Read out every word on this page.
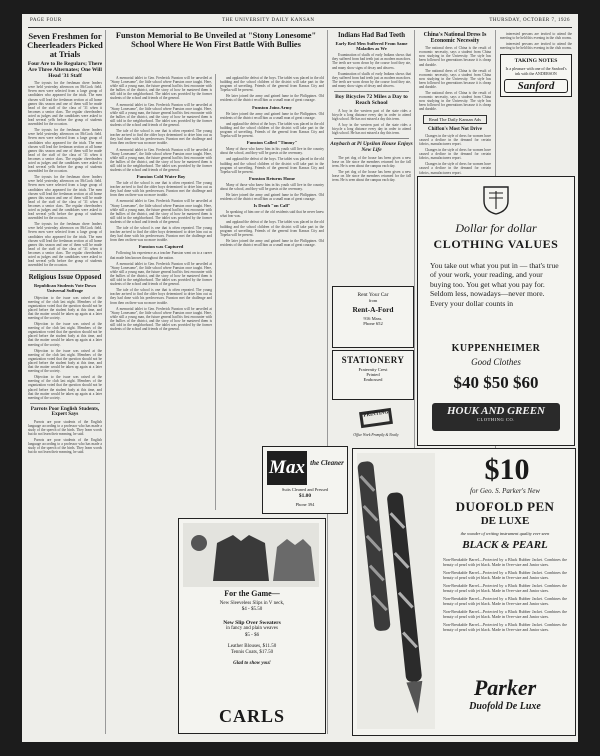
PAGE FOUR	THE UNIVERSITY DAILY KANSAN	THURSDAY, OCTOBER 7, 1926
Seven Freshmen for Cheerleaders Picked at Trials
Four Are to Be Regulars; There Are Three Alternates; One Will Head '31 Staff

The tryouts for the freshman cheer leaders were held yesterday afternoon on McCook field. Seven men were selected from a large group of candidates who appeared for the trials. The men chosen will lead the freshman section at all home games this season and one of them will be made head of the staff of the class of '31 when it becomes a senior class. The regular cheerleaders acted as judges and the candidates were asked to lead several yells before the group of students assembled for the occasion.

The tryouts for the freshman cheer leaders were held yesterday afternoon on McCook field. Seven men were selected from a large group of candidates who appeared for the trials. The men chosen will lead the freshman section at all home games this season and one of them will be made head of the staff of the class of '31 when it becomes a senior class. The regular cheerleaders acted as judges and the candidates were asked to lead several yells before the group of students assembled for the occasion.

The tryouts for the freshman cheer leaders were held yesterday afternoon on McCook field. Seven men were selected from a large group of candidates who appeared for the trials. The men chosen will lead the freshman section at all home games this season and one of them will be made head of the staff of the class of '31 when it becomes a senior class. The regular cheerleaders acted as judges and the candidates were asked to lead several yells before the group of students assembled for the occasion.

The tryouts for the freshman cheer leaders were held yesterday afternoon on McCook field. Seven men were selected from a large group of candidates who appeared for the trials. The men chosen will lead the freshman section at all home games this season and one of them will be made head of the staff of the class of '31 when it becomes a senior class. The regular cheerleaders acted as judges and the candidates were asked to lead several yells before the group of students assembled for the occasion.

Religious Issue Opposed
Republican Students Vote Down Universal Suffrage

Objection to the issue was raised at the meeting of the club last night. Members of the organization voted that the question should not be placed before the student body at this time, and that the matter would be taken up again at a later meeting of the society.

Objection to the issue was raised at the meeting of the club last night. Members of the organization voted that the question should not be placed before the student body at this time, and that the matter would be taken up again at a later meeting of the society.

Objection to the issue was raised at the meeting of the club last night. Members of the organization voted that the question should not be placed before the student body at this time, and that the matter would be taken up again at a later meeting of the society.

Objection to the issue was raised at the meeting of the club last night. Members of the organization voted that the question should not be placed before the student body at this time, and that the matter would be taken up again at a later meeting of the society.

Parrots Poor English Students, Expert Says

Parrots are poor students of the English language according to a professor who has made a study of the speech of the birds. They learn words but do not learn their meaning, he said.

Parrots are poor students of the English language according to a professor who has made a study of the speech of the birds. They learn words but do not learn their meaning, he said.

Funston Memorial to Be Unveiled at "Stony Lonesome" School Where He Won First Battle With Bullies

A memorial tablet to Gen. Frederick Funston will be unveiled at "Stony Lonesome", the little school where Funston once taught. Here, while still a young man, the future general had his first encounter with the bullies of the district, and the story of how he mastered them is still told in the neighborhood. The tablet was provided by the former students of the school and friends of the general.

A memorial tablet to Gen. Frederick Funston will be unveiled at "Stony Lonesome", the little school where Funston once taught. Here, while still a young man, the future general had his first encounter with the bullies of the district, and the story of how he mastered them is still told in the neighborhood. The tablet was provided by the former students of the school and friends of the general.

The tale of the school is one that is often repeated. The young teacher arrived to find the older boys determined to drive him out as they had done with his predecessors. Funston met the challenge and from then on there was no more trouble.

A memorial tablet to Gen. Frederick Funston will be unveiled at "Stony Lonesome", the little school where Funston once taught. Here, while still a young man, the future general had his first encounter with the bullies of the district, and the story of how he mastered them is still told in the neighborhood. The tablet was provided by the former students of the school and friends of the general.

Funston Cold Water Boy

The tale of the school is one that is often repeated. The young teacher arrived to find the older boys determined to drive him out as they had done with his predecessors. Funston met the challenge and from then on there was no more trouble.

A memorial tablet to Gen. Frederick Funston will be unveiled at "Stony Lonesome", the little school where Funston once taught. Here, while still a young man, the future general had his first encounter with the bullies of the district, and the story of how he mastered them is still told in the neighborhood. The tablet was provided by the former students of the school and friends of the general.

The tale of the school is one that is often repeated. The young teacher arrived to find the older boys determined to drive him out as they had done with his predecessors. Funston met the challenge and from then on there was no more trouble.

Funston was Captured

Following his experience as a teacher Funston went on to a career that made him known throughout the nation.

A memorial tablet to Gen. Frederick Funston will be unveiled at "Stony Lonesome", the little school where Funston once taught. Here, while still a young man, the future general had his first encounter with the bullies of the district, and the story of how he mastered them is still told in the neighborhood. The tablet was provided by the former students of the school and friends of the general.

The tale of the school is one that is often repeated. The young teacher arrived to find the older boys determined to drive him out as they had done with his predecessors. Funston met the challenge and from then on there was no more trouble.

A memorial tablet to Gen. Frederick Funston will be unveiled at "Stony Lonesome", the little school where Funston once taught. Here, while still a young man, the future general had his first encounter with the bullies of the district, and the story of how he mastered them is still told in the neighborhood. The tablet was provided by the former students of the school and friends of the general.

and applaud the defeat of the boys. The tablet was placed in the old building and the school children of the district will take part in the program of unveiling. Friends of the general from Kansas City and Topeka will be present.

He later joined the army and gained fame in the Philippines. Old residents of the district recall him as a small man of great courage.

Funston Joins Army

He later joined the army and gained fame in the Philippines. Old residents of the district recall him as a small man of great courage.

and applaud the defeat of the boys. The tablet was placed in the old building and the school children of the district will take part in the program of unveiling. Friends of the general from Kansas City and Topeka will be present.

Funston Called "Timmy"

Many of those who knew him in his youth still live in the country about the school, and they will be guests at the ceremony.

and applaud the defeat of the boys. The tablet was placed in the old building and the school children of the district will take part in the program of unveiling. Friends of the general from Kansas City and Topeka will be present.

Funston Returns Home

Many of those who knew him in his youth still live in the country about the school, and they will be guests at the ceremony.

He later joined the army and gained fame in the Philippines. Old residents of the district recall him as a small man of great courage.

Is Death "on Call"

In speaking of him one of the old residents said that he never knew what fear was.

and applaud the defeat of the boys. The tablet was placed in the old building and the school children of the district will take part in the program of unveiling. Friends of the general from Kansas City and Topeka will be present.

He later joined the army and gained fame in the Philippines. Old residents of the district recall him as a small man of great courage.

For the Game—
New Sleeveless Slips in V neck,
$4 - $5.50
New Slip Over Sweaters
in fancy and plain weaves
$5 - $6
Leather Blouses, $11.50
Tennis Coats, $17.50
Glad to show you!
CARLS
Indians Had Bad Teeth
Early Red Men Suffered From Same Maladies as We

Examination of skulls of early Indians shows that they suffered from bad teeth just as modern man does. The teeth are worn down by the coarse food they ate, and many show signs of decay and abscess.

Examination of skulls of early Indians shows that they suffered from bad teeth just as modern man does. The teeth are worn down by the coarse food they ate, and many show signs of decay and abscess.

Boy Bicycles 72 Miles a Day to Reach School

A boy in the western part of the state rides a bicycle a long distance every day in order to attend high school. He has not missed a day this term.

A boy in the western part of the state rides a bicycle a long distance every day in order to attend high school. He has not missed a day this term.

Anybach at Pi Upsilon House Enjoys New Life

The pet dog of the house has been given a new lease on life since the members returned for the fall term. He is seen about the campus each day.

The pet dog of the house has been given a new lease on life since the members returned for the fall term. He is seen about the campus each day.

China's National Dress Is Economic Necessity

The national dress of China is the result of economic necessity, says a student from China now studying in the University. The style has been followed for generations because it is cheap and durable.

The national dress of China is the result of economic necessity, says a student from China now studying in the University. The style has been followed for generations because it is cheap and durable.

The national dress of China is the result of economic necessity, says a student from China now studying in the University. The style has been followed for generations because it is cheap and durable.

Read The Daily Kansan Ads
Chiffon's Most Not Drive

Changes in the style of dress for women have caused a decline in the demand for certain fabrics, manufacturers report.

Changes in the style of dress for women have caused a decline in the demand for certain fabrics, manufacturers report.

Changes in the style of dress for women have caused a decline in the demand for certain fabrics, manufacturers report.

interested persons are invited to attend the meeting to be held this evening in the club rooms.

interested persons are invited to attend the meeting to be held this evening in the club rooms.

TAKING NOTES
Is a pleasure with one of the Sanford's ink with the ANDERSON
Sanford
Rent Your Car
from
Rent-A-Ford
916 Mass.
Phone 652
STATIONERY
Fraternity Crest
Printed
Embossed
PRINTING
Office Work Promptly & Neatly
Max the Cleaner
Suits Cleaned and Pressed
$1.00
Phone 394
Dollar for dollar
CLOTHING VALUES
You take out what you put in — that's true of your work, your reading, and your buying too. You get what you pay for. Seldom less, nowadays—never more. Every your dollar counts in
KUPPENHEIMER
Good Clothes
$40 $50 $60
HOUK AND GREEN
CLOTHING CO.
$10
for Geo. S. Parker's New
DUOFOLD PEN
DE LUXE
the wonder of writing instrument quality ever seen
BLACK & PEARL

Non-Breakable Barrel—Protected by a Black Rubber Jacket. Combines the beauty of pearl with jet black. Made in Over-size and Junior sizes.

Non-Breakable Barrel—Protected by a Black Rubber Jacket. Combines the beauty of pearl with jet black. Made in Over-size and Junior sizes.

Non-Breakable Barrel—Protected by a Black Rubber Jacket. Combines the beauty of pearl with jet black. Made in Over-size and Junior sizes.

Non-Breakable Barrel—Protected by a Black Rubber Jacket. Combines the beauty of pearl with jet black. Made in Over-size and Junior sizes.

Non-Breakable Barrel—Protected by a Black Rubber Jacket. Combines the beauty of pearl with jet black. Made in Over-size and Junior sizes.

Non-Breakable Barrel—Protected by a Black Rubber Jacket. Combines the beauty of pearl with jet black. Made in Over-size and Junior sizes.

Parker
Duofold De Luxe
